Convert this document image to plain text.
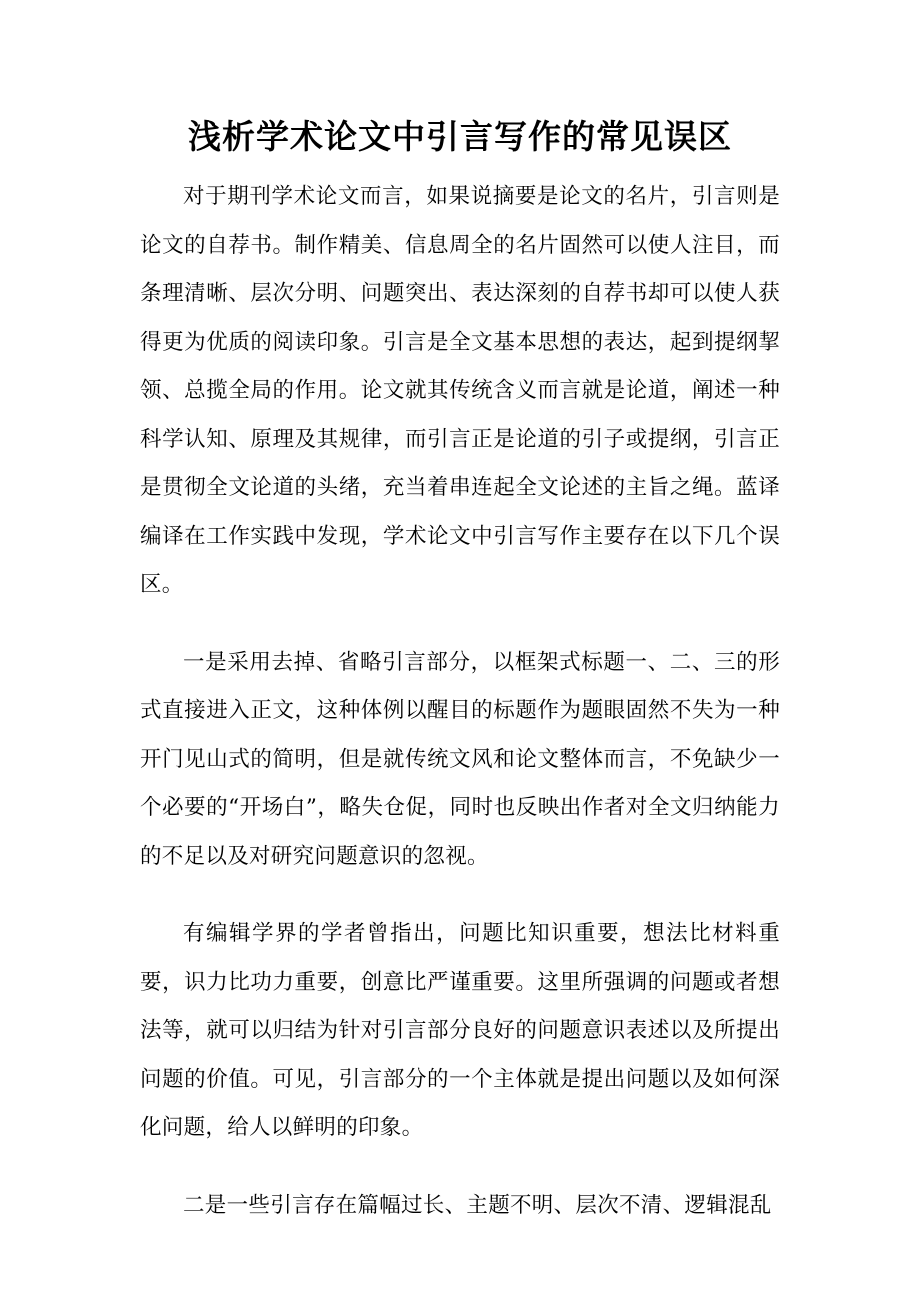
浅析学术论文中引言写作的常见误区

对于期刊学术论文而言，如果说摘要是论文的名片，引言则是论文的自荐书。制作精美、信息周全的名片固然可以使人注目，而条理清晰、层次分明、问题突出、表达深刻的自荐书却可以使人获得更为优质的阅读印象。引言是全文基本思想的表达，起到提纲挈领、总揽全局的作用。论文就其传统含义而言就是论道，阐述一种科学认知、原理及其规律，而引言正是论道的引子或提纲，引言正是贯彻全文论道的头绪，充当着串连起全文论述的主旨之绳。蓝译编译在工作实践中发现，学术论文中引言写作主要存在以下几个误区。

一是采用去掉、省略引言部分，以框架式标题一、二、三的形式直接进入正文，这种体例以醒目的标题作为题眼固然不失为一种开门见山式的简明，但是就传统文风和论文整体而言，不免缺少一个必要的“开场白”，略失仓促，同时也反映出作者对全文归纳能力的不足以及对研究问题意识的忽视。

有编辑学界的学者曾指出，问题比知识重要，想法比材料重要，识力比功力重要，创意比严谨重要。这里所强调的问题或者想法等，就可以归结为针对引言部分良好的问题意识表述以及所提出问题的价值。可见，引言部分的一个主体就是提出问题以及如何深化问题，给人以鲜明的印象。

二是一些引言存在篇幅过长、主题不明、层次不清、逻辑混乱
